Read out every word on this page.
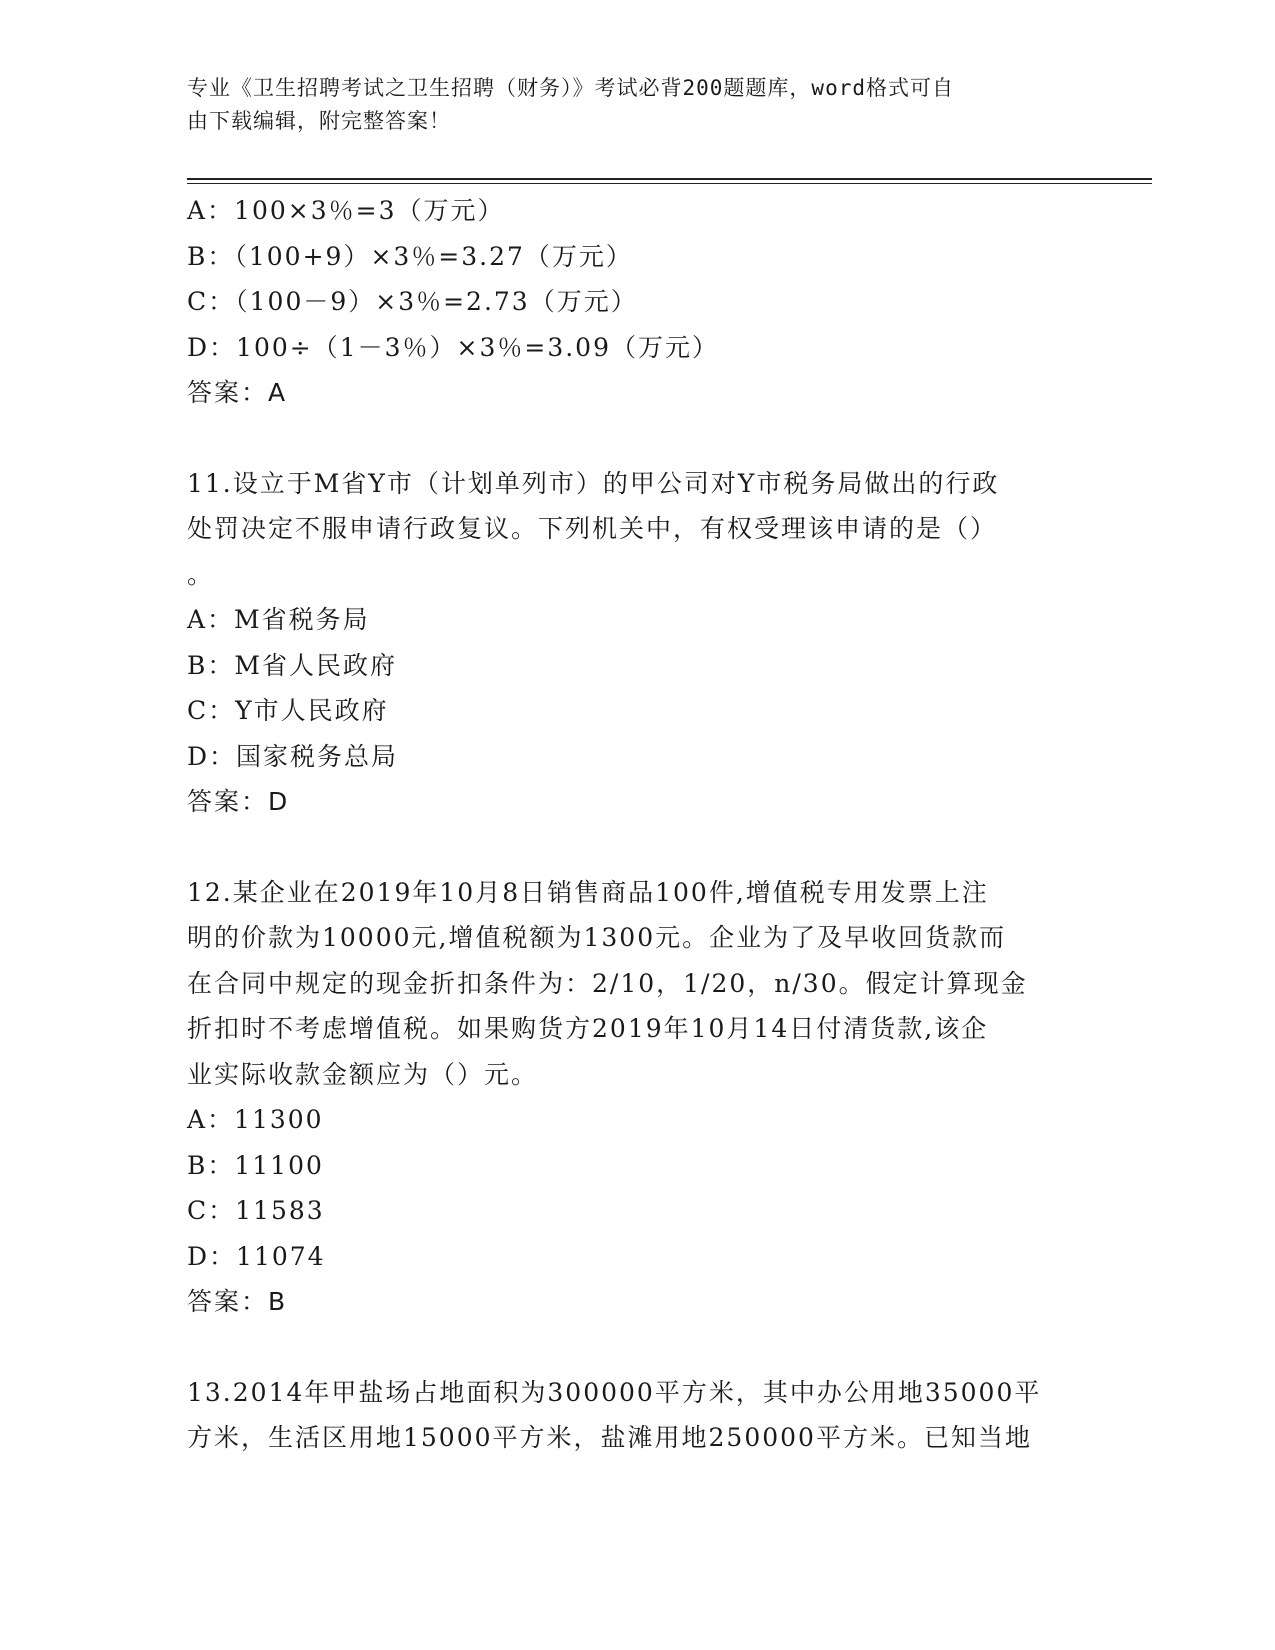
专业《卫生招聘考试之卫生招聘（财务）》考试必背200题题库，word格式可自
由下载编辑，附完整答案！
A：100×3％=3（万元）
B：（100+9）×3％=3.27（万元）
C：（100－9）×3％=2.73（万元）
D：100÷（1－3％）×3％=3.09（万元）
答案：A
11.设立于M省Y市（计划单列市）的甲公司对Y市税务局做出的行政
处罚决定不服申请行政复议。下列机关中，有权受理该申请的是（）
。
A：M省税务局
B：M省人民政府
C：Y市人民政府
D：国家税务总局
答案：D
12.某企业在2019年10月8日销售商品100件,增值税专用发票上注
明的价款为10000元,增值税额为1300元。企业为了及早收回货款而
在合同中规定的现金折扣条件为：2/10，1/20，n/30。假定计算现金
折扣时不考虑增值税。如果购货方2019年10月14日付清货款,该企
业实际收款金额应为（）元。
A：11300
B：11100
C：11583
D：11074
答案：B
13.2014年甲盐场占地面积为300000平方米，其中办公用地35000平
方米，生活区用地15000平方米，盐滩用地250000平方米。已知当地
